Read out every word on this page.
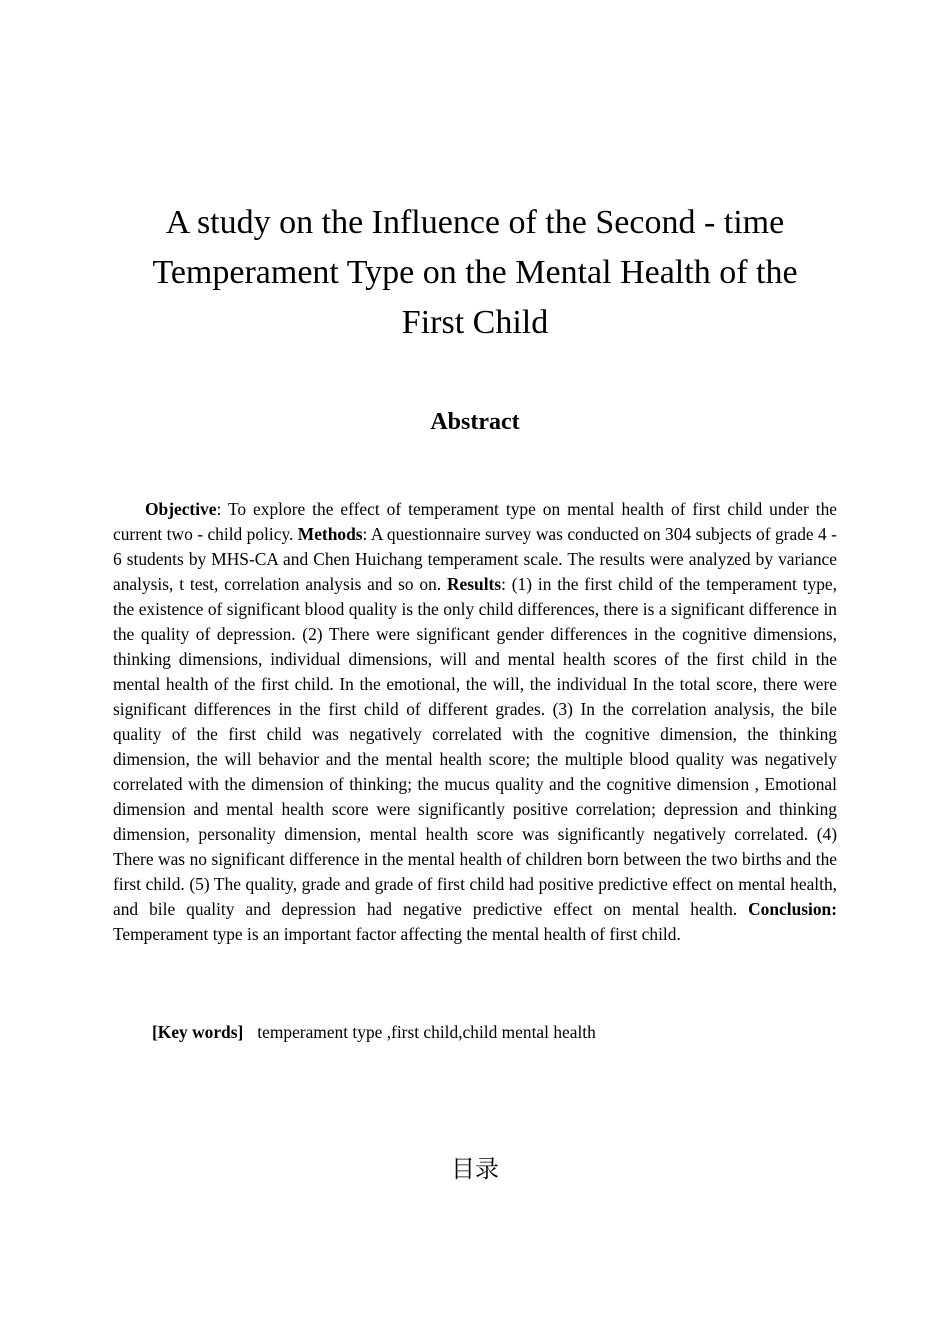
A study on the Influence of the Second - time
Temperament Type on the Mental Health of the
First Child
Abstract

Objective: To explore the effect of temperament type on mental health of first child under the current two - child policy. Methods: A questionnaire survey was conducted on 304 subjects of grade 4 - 6 students by MHS-CA and Chen Huichang temperament scale. The results were analyzed by variance analysis, t test, correlation analysis and so on. Results: (1) in the first child of the temperament type, the existence of significant blood quality is the only child differences, there is a significant difference in the quality of depression. (2) There were significant gender differences in the cognitive dimensions, thinking dimensions, individual dimensions, will and mental health scores of the first child in the mental health of the first child. In the emotional, the will, the individual In the total score, there were significant differences in the first child of different grades. (3) In the correlation analysis, the bile quality of the first child was negatively correlated with the cognitive dimension, the thinking dimension, the will behavior and the mental health score; the multiple blood quality was negatively correlated with the dimension of thinking; the mucus quality and the cognitive dimension , Emotional dimension and mental health score were significantly positive correlation; depression and thinking dimension, personality dimension, mental health score was significantly negatively correlated. (4) There was no significant difference in the mental health of children born between the two births and the first child. (5) The quality, grade and grade of first child had positive predictive effect on mental health, and bile quality and depression had negative predictive effect on mental health. Conclusion: Temperament type is an important factor affecting the mental health of first child.

[Key words] temperament type ,first child,child mental health

目录
